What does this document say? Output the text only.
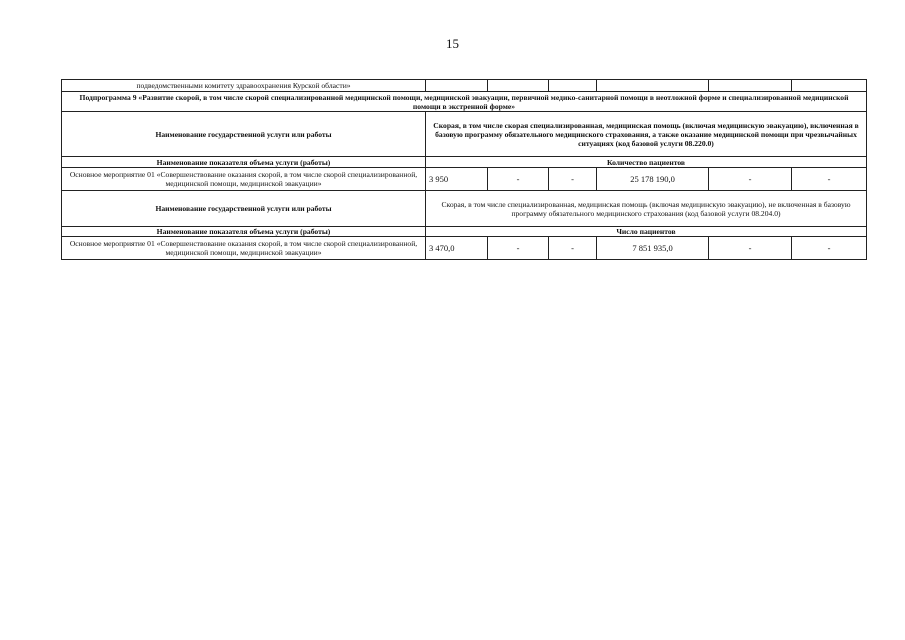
15
подведомственными комитету здравоохранения Курской области»						
Подпрограмма 9 «Развитие скорой, в том числе скорой специализированной медицинской помощи, медицинской эвакуации, первичной медико-санитарной помощи в неотложной форме и специализированной медицинской помощи в экстренной форме»						
Наименование государственной услуги или работы	Скорая, в том числе скорая специализированная, медицинская помощь (включая медицинскую эвакуацию), включенная в базовую программу обязательного медицинского страхования, а также оказание медицинской помощи при чрезвычайных ситуациях (код базовой услуги 08.220.0)					
Наименование показателя объема услуги (работы)	Количество пациентов					
Основное мероприятие 01 «Совершенствование оказания скорой, в том числе скорой специализированной, медицинской помощи, медицинской эвакуации»	3 950	-	-	25 178 190,0	-	-
Наименование государственной услуги или работы	Скорая, в том числе специализированная, медицинская помощь (включая медицинскую эвакуацию), не включенная в базовую программу обязательного медицинского страхования (код базовой услуги 08.204.0)					
Наименование показателя объема услуги (работы)	Число пациентов					
Основное мероприятие 01 «Совершенствование оказания скорой, в том числе скорой специализированной, медицинской помощи, медицинской эвакуации»	3 470,0	-	-	7 851 935,0	-	-
